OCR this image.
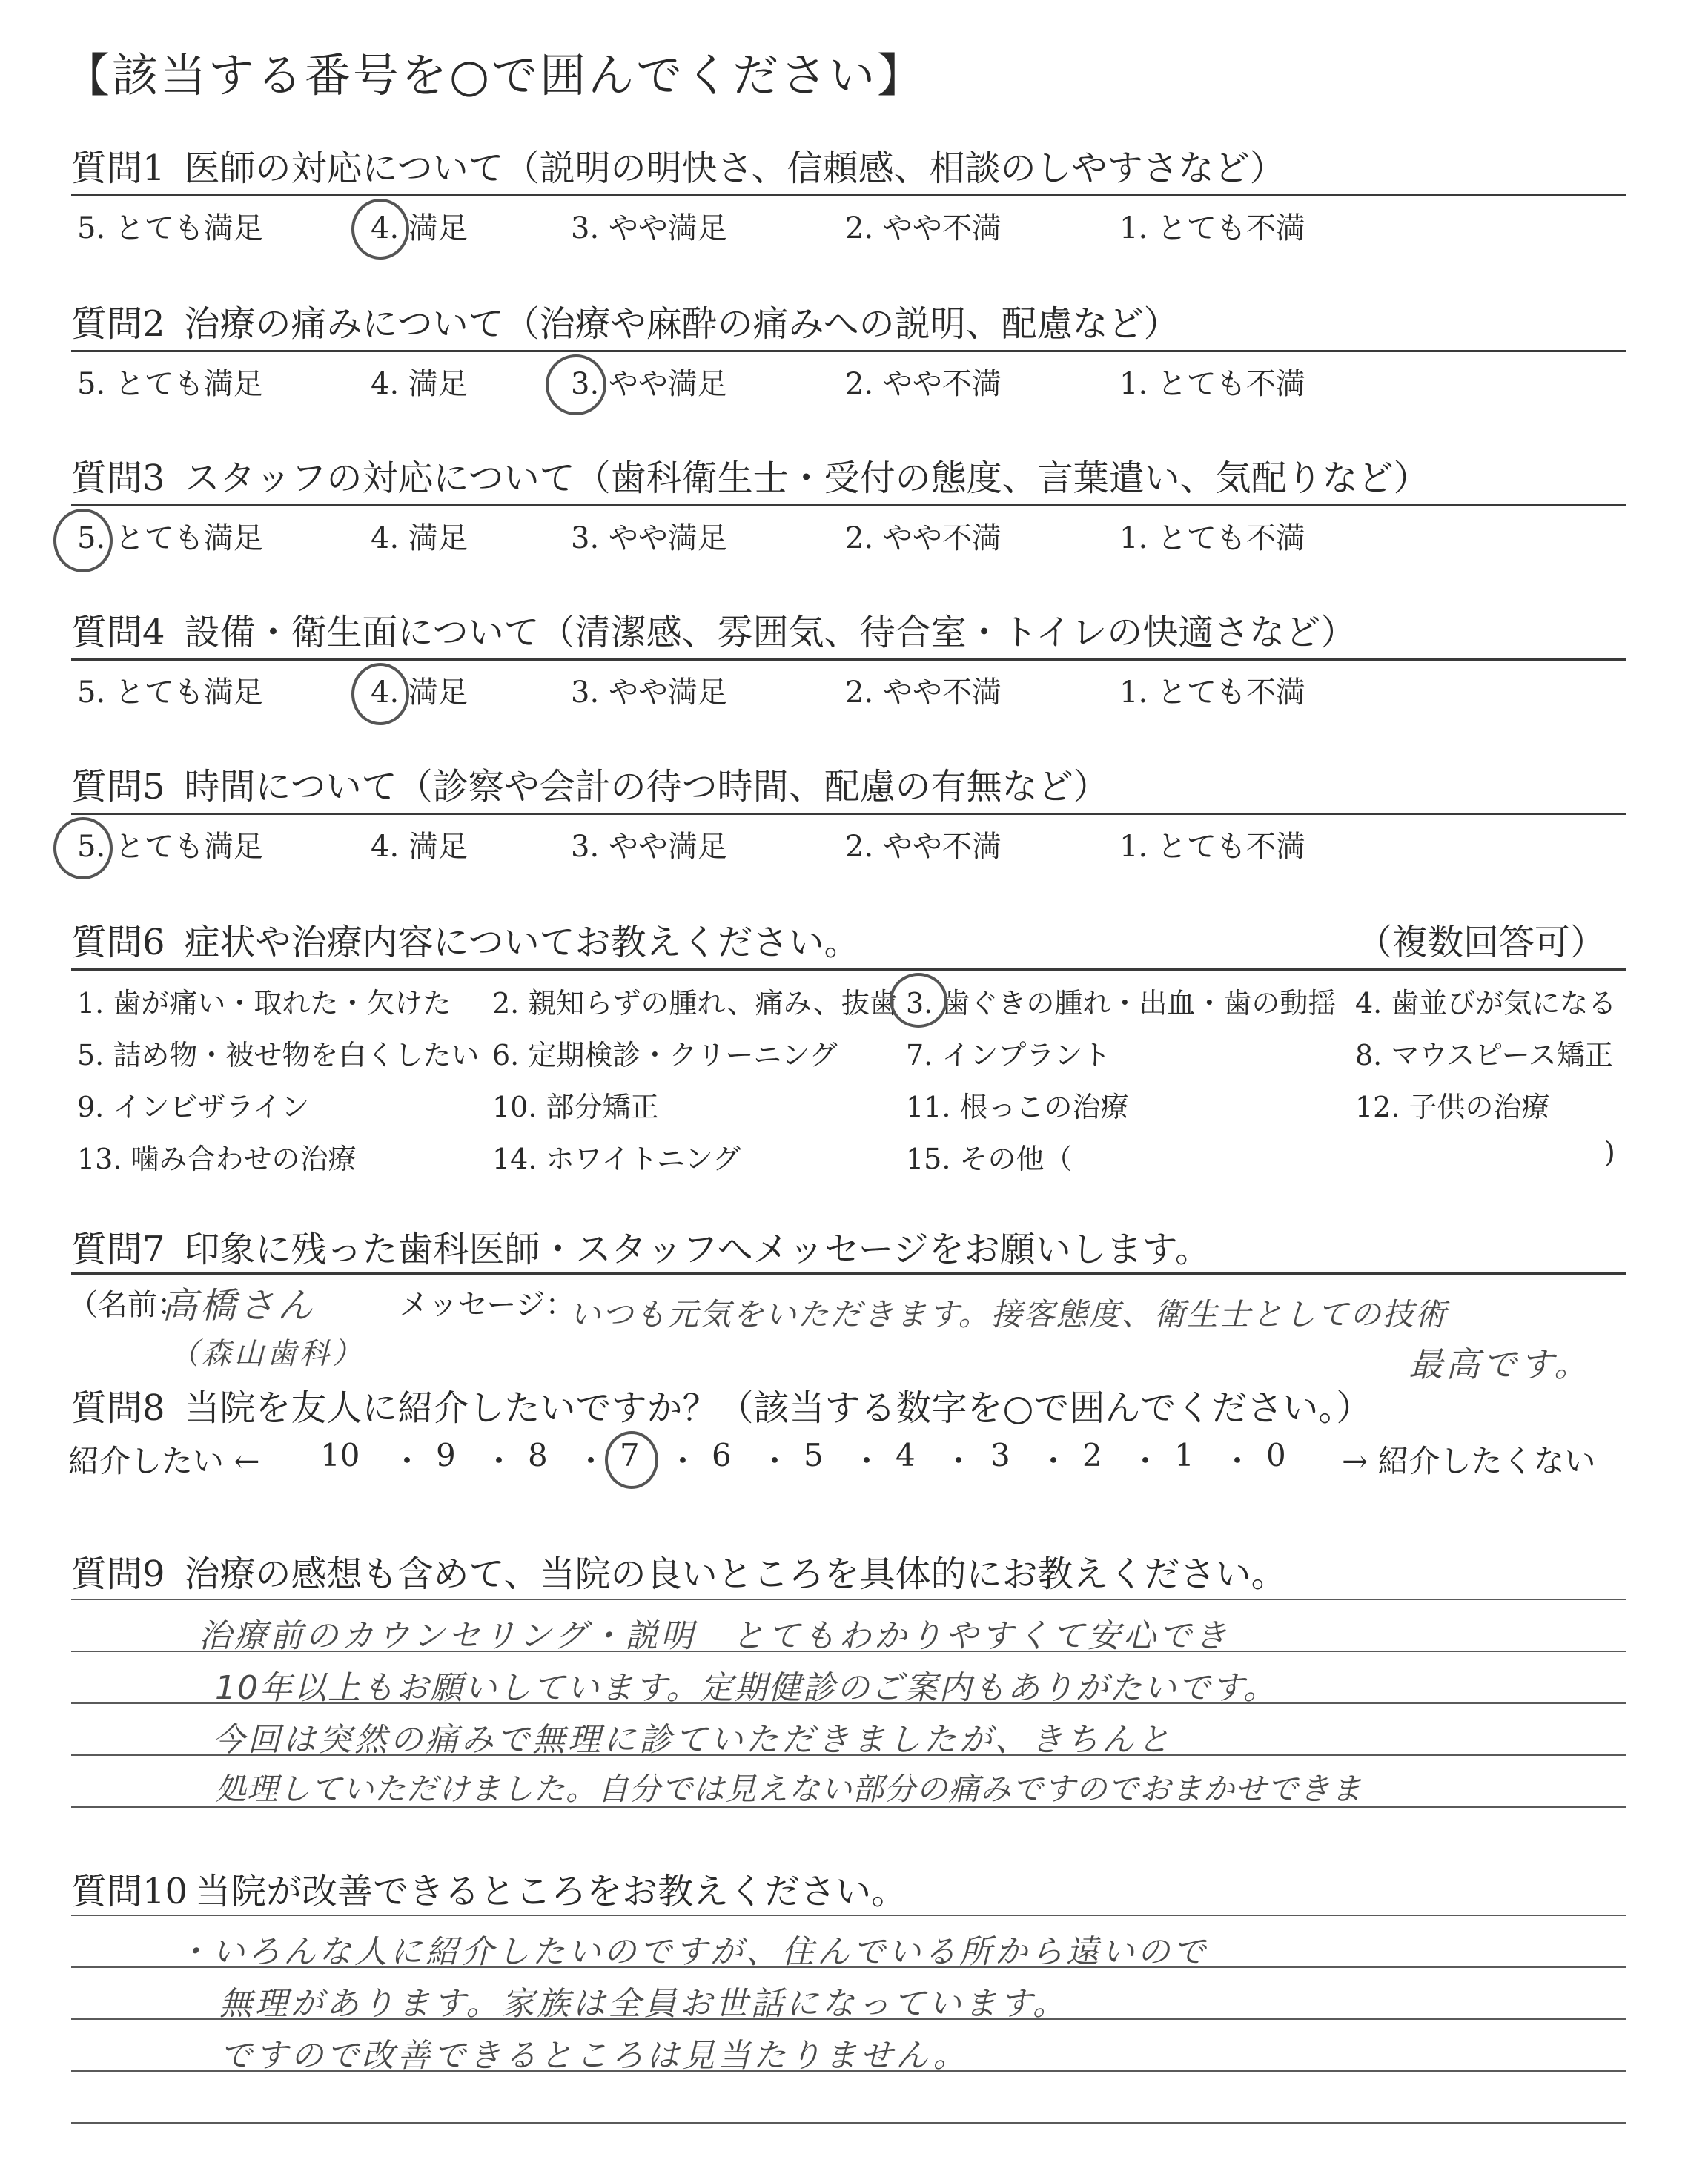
【該当する番号を○で囲んでください】
質問1 医師の対応について（説明の明快さ、信頼感、相談のしやすさなど）
5. とても満足	4. 満足	3. やや満足	2. やや不満	1. とても不満
質問2 治療の痛みについて（治療や麻酔の痛みへの説明、配慮など）
5. とても満足	4. 満足	3. やや満足	2. やや不満	1. とても不満
質問3 スタッフの対応について（歯科衛生士・受付の態度、言葉遣い、気配りなど）
5. とても満足	4. 満足	3. やや満足	2. やや不満	1. とても不満
質問4 設備・衛生面について（清潔感、雰囲気、待合室・トイレの快適さなど）
5. とても満足	4. 満足	3. やや満足	2. やや不満	1. とても不満
質問5 時間について（診察や会計の待つ時間、配慮の有無など）
5. とても満足	4. 満足	3. やや満足	2. やや不満	1. とても不満
質問6 症状や治療内容についてお教えください。	（複数回答可）
1. 歯が痛い・取れた・欠けた 2. 親知らずの腫れ、痛み、抜歯 3. 歯ぐきの腫れ・出血・歯の動揺 4. 歯並びが気になる
5. 詰め物・被せ物を白くしたい 6. 定期検診・クリーニング 7. インプラント	8. マウスピース矯正
9. インビザライン	10. 部分矯正	11. 根っこの治療	12. 子供の治療
13. 噛み合わせの治療	14. ホワイトニング	15. その他（	)
質問7 印象に残った歯科医師・スタッフへメッセージをお願いします。
（名前：	メッセージ：
高橋さん
（森山歯科）
いつも元気をいただきます。接客態度、衛生士としての技術
最高です。
質問8 当院を友人に紹介したいですか？（該当する数字を○で囲んでください。）
紹介したい ←	→ 紹介したくない
10 ・ 9 ・ 8 ・ 7 ・ 6 ・ 5 ・ 4 ・ 3 ・ 2 ・ 1 ・ 0
質問9 治療の感想も含めて、当院の良いところを具体的にお教えください。
治療前のカウンセリング・説明　とてもわかりやすくて安心でき
10年以上もお願いしています。定期健診のご案内もありがたいです。
今回は突然の痛みで無理に診ていただきましたが、きちんと
処理していただけました。自分では見えない部分の痛みですのでおまかせできま
質問10 当院が改善できるところをお教えください。
・いろんな人に紹介したいのですが、住んでいる所から遠いので
無理があります。家族は全員お世話になっています。
ですので改善できるところは見当たりません。
